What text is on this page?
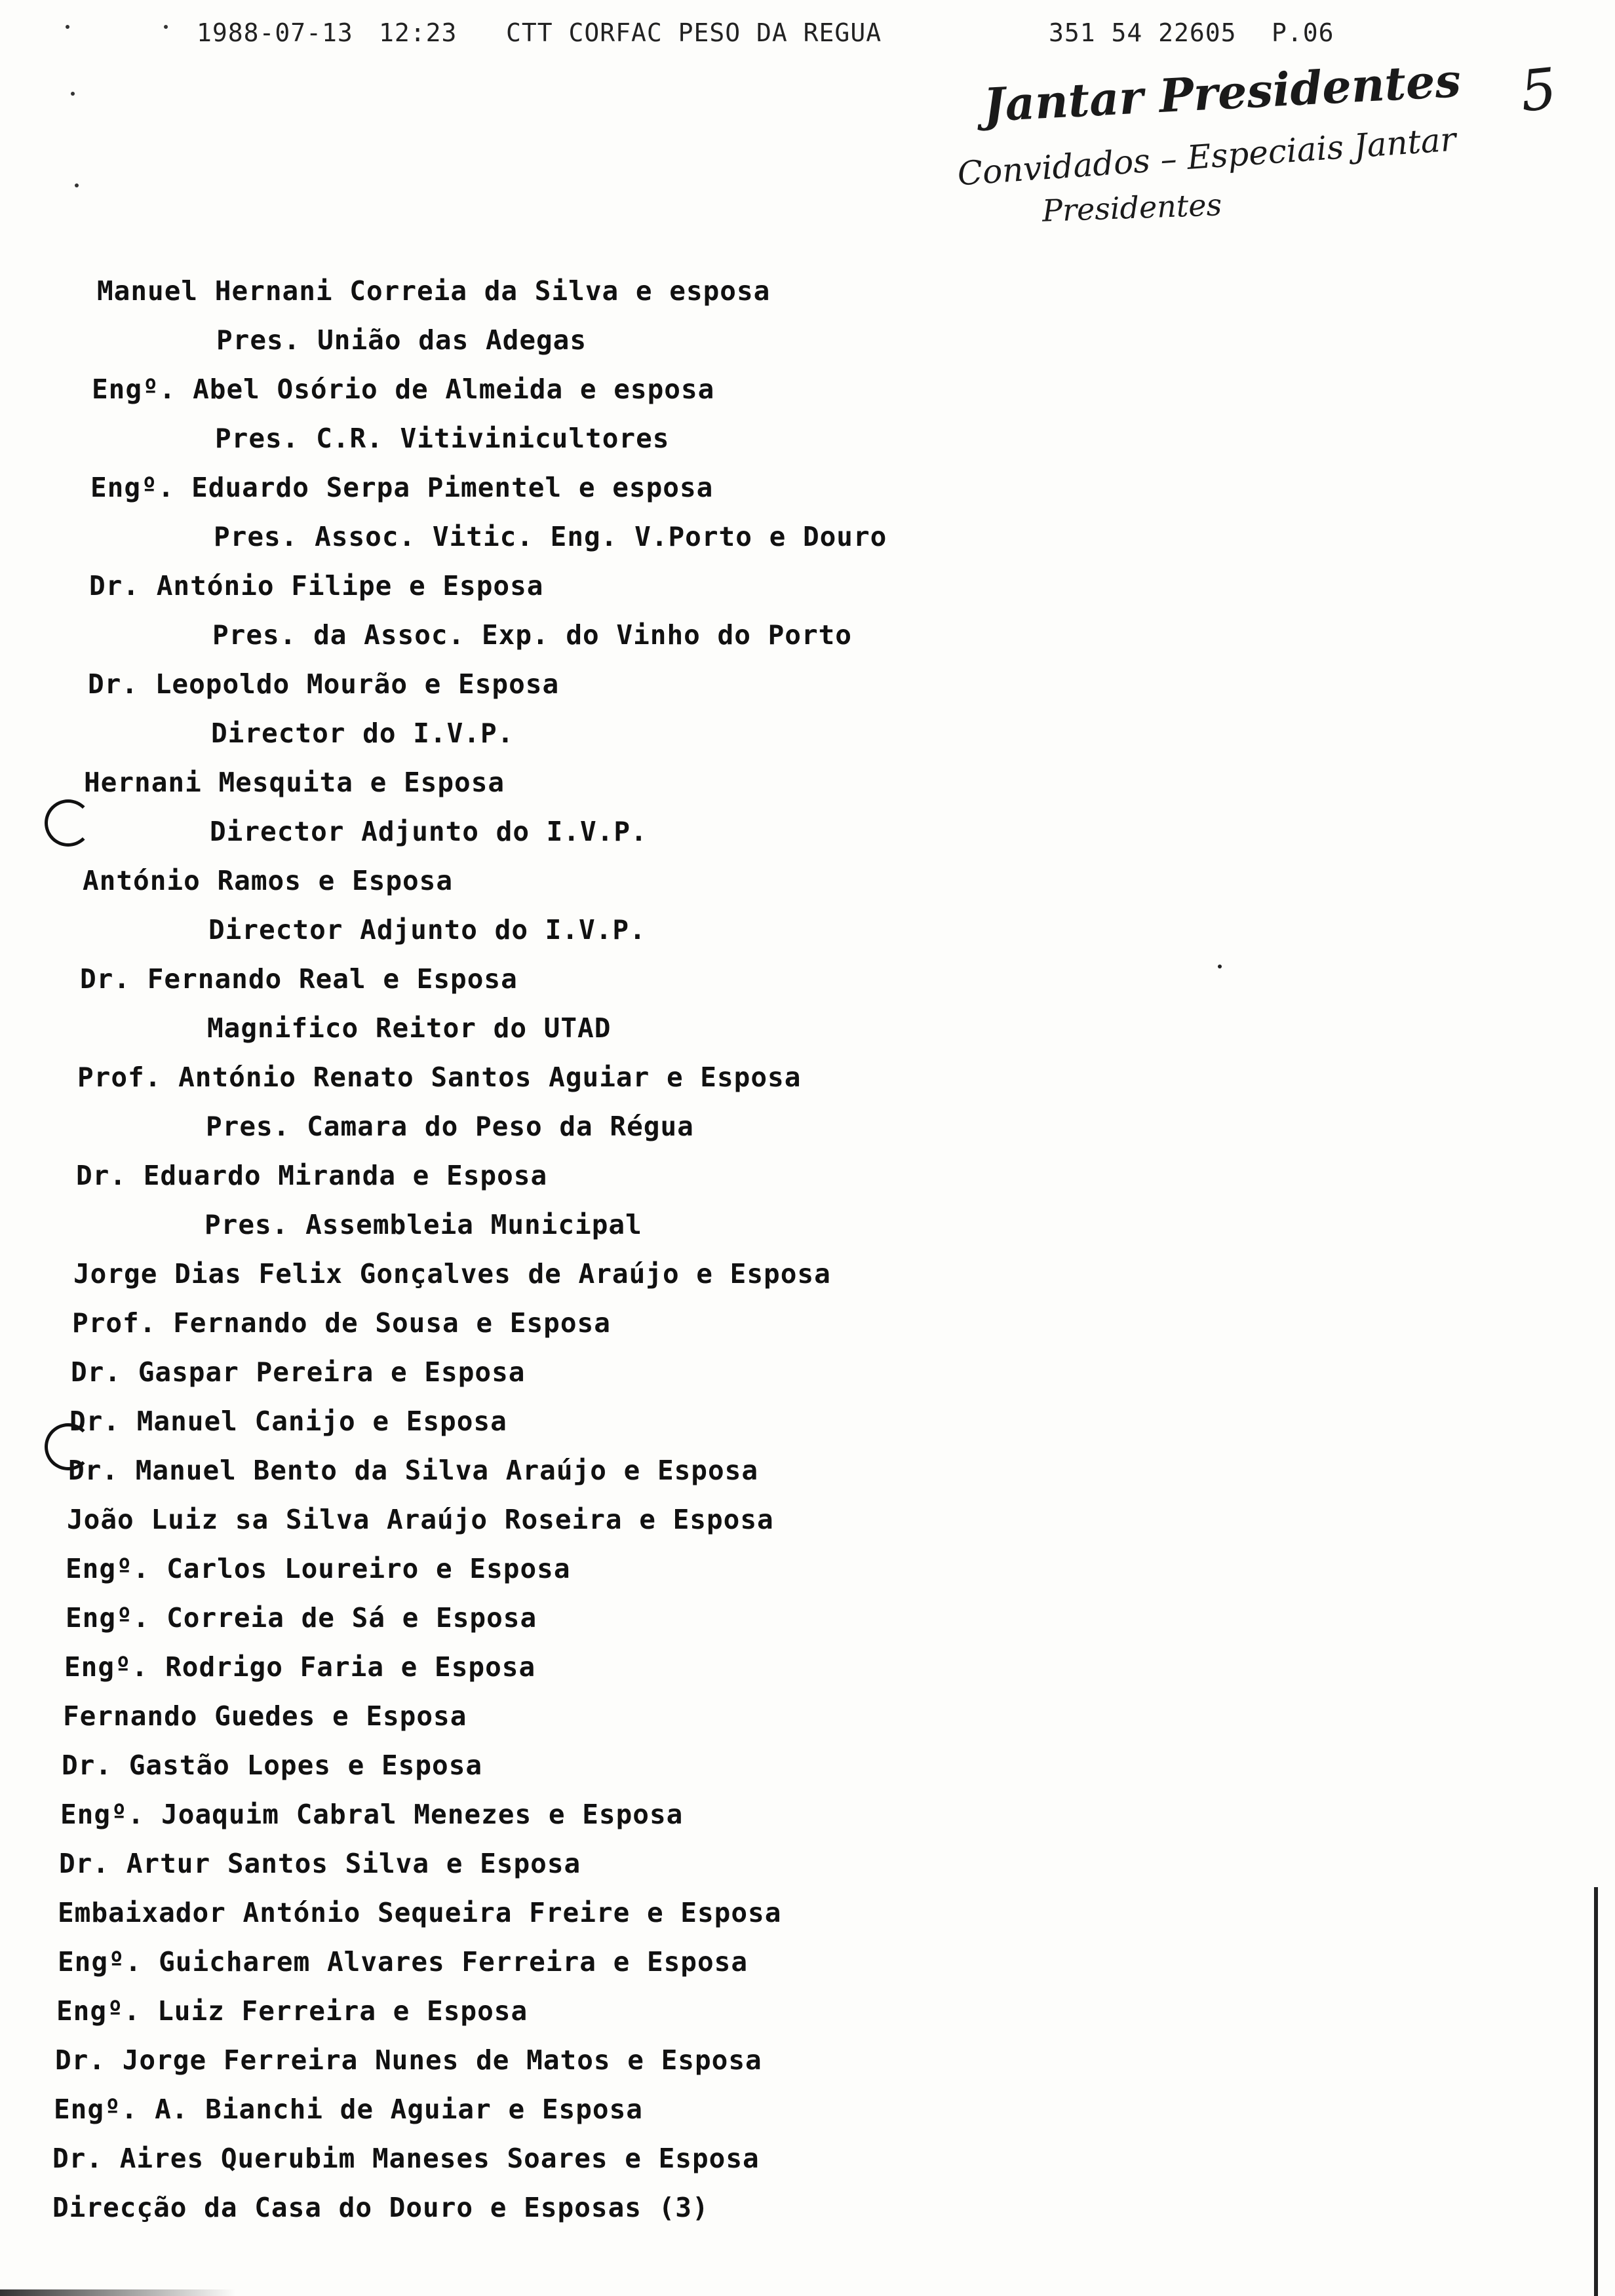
1988-07-13 12:23 CTT CORFAC PESO DA REGUA	351 54 22605 P.06
Jantar Presidentes
Convidados – Especiais Jantar
Presidentes
5
Manuel Hernani Correia da Silva e esposa
Pres. União das Adegas
Engº. Abel Osório de Almeida e esposa
Pres. C.R. Vitivinicultores
Engº. Eduardo Serpa Pimentel e esposa
Pres. Assoc. Vitic. Eng. V.Porto e Douro
Dr. António Filipe e Esposa
Pres. da Assoc. Exp. do Vinho do Porto
Dr. Leopoldo Mourão e Esposa
Director do I.V.P.
Hernani Mesquita e Esposa
Director Adjunto do I.V.P.
António Ramos e Esposa
Director Adjunto do I.V.P.
Dr. Fernando Real e Esposa
Magnifico Reitor do UTAD
Prof. António Renato Santos Aguiar e Esposa
Pres. Camara do Peso da Régua
Dr. Eduardo Miranda e Esposa
Pres. Assembleia Municipal
Jorge Dias Felix Gonçalves de Araújo e Esposa
Prof. Fernando de Sousa e Esposa
Dr. Gaspar Pereira e Esposa
Dr. Manuel Canijo e Esposa
Dr. Manuel Bento da Silva Araújo e Esposa
João Luiz sa Silva Araújo Roseira e Esposa
Engº. Carlos Loureiro e Esposa
Engº. Correia de Sá e Esposa
Engº. Rodrigo Faria e Esposa
Fernando Guedes e Esposa
Dr. Gastão Lopes e Esposa
Engº. Joaquim Cabral Menezes e Esposa
Dr. Artur Santos Silva e Esposa
Embaixador António Sequeira Freire e Esposa
Engº. Guicharem Alvares Ferreira e Esposa
Engº. Luiz Ferreira e Esposa
Dr. Jorge Ferreira Nunes de Matos e Esposa
Engº. A. Bianchi de Aguiar e Esposa
Dr. Aires Querubim Maneses Soares e Esposa
Direcção da Casa do Douro e Esposas (3)
